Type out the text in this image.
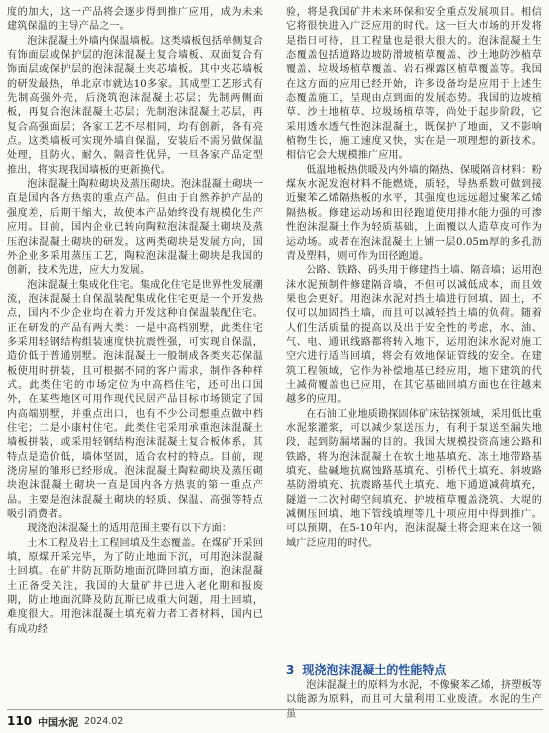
度的加大，这一产品将会逐步得到推广应用，成为未来建筑保温的主导产品之一。

泡沫混凝土外墙内保温墙板。这类墙板包括单侧复合有饰面层或保护层的泡沫混凝土复合墙板、双面复合有饰面层或保护层的泡沫混凝土夹芯墙板。其中夹芯墙板的研发最热，单北京市就达10多家。其成型工艺形式有先制高强外壳，后浇筑泡沫混凝土芯层；先制两侧面板，再复合泡沫混凝土芯层；先制泡沫混凝土芯层，再复合高强面层；各家工艺不尽相同，均有创新，各有亮点。这类墙板可实现外墙自保温，安装后不需另做保温处理，且防火、耐久、隔音性优异，一旦各家产品定型推出，将实现我国墙板的更新换代。

泡沫混凝土陶粒砌块及蒸压砌块。泡沫混凝土砌块一直是国内各方热衷的重点产品。但由于自然养护产品的强度差，后期干缩大，故使本产品始终没有规模化生产应用。目前，国内企业已转向陶粒泡沫混凝土砌块及蒸压泡沫混凝土砌块的研发。这两类砌块是发展方向，国外企业多采用蒸压工艺，陶粒泡沫混凝土砌块是我国的创新，技术先进，应大力发展。

泡沫混凝土集成化住宅。集成化住宅是世界性发展潮流，泡沫混凝土自保温装配集成化住宅更是一个开发热点，国内不少企业均在着力开发这种自保温装配住宅。正在研发的产品有两大类：一是中高档别墅，此类住宅多采用轻钢结构组装速度快抗震性强，可实现自保温，造价低于普通别墅。泡沫混凝土一般制成各类夹芯保温板使用时拼装，且可根据不同的客户需求，制作各种样式。此类住宅的市场定位为中高档住宅，还可出口国外，在某些地区可用作现代民居产品目标市场锁定了国内高端别墅，并重点出口，也有不少公司想重点做中档住宅；二是小康村住宅。此类住宅采用承重泡沫混凝土墙板拼装，或采用轻钢结构泡沫混凝土复合板体系，其特点是造价低，墙体坚固，适合农村的特点。目前，现浇房屋的雏形已经形成。泡沫混凝土陶粒砌块及蒸压砌块泡沫混凝土砌块一直是国内各方热衷的第一重点产品。主要是泡沫混凝土砌块的轻质、保温、高强等特点吸引消费者。

现浇泡沫混凝土的适用范围主要有以下方面：

土木工程及岩土工程回填及生态覆盖。在煤矿开采回填，原煤开采完毕，为了防止地面下沉，可用泡沫混凝土回填。在矿井防瓦斯防地面沉降回填方面，泡沫混凝土正备受关注，我国的大量矿井已进入老化期和报废期，防止地面沉降及防瓦斯已成重大问题，用土回填，难度很大。用泡沫混凝土填充着力者工者材料，国内已有成功经

验，将是我国矿井未来环保和安全重点发展项目。相信它将很快进入广泛应用的时代。这一巨大市场的开发将是指日可待，且工程量也是很大很大的。泡沫混凝土生态覆盖包括道路边坡防滑坡植草覆盖、沙土地防沙植草覆盖、垃圾场植草覆盖、岩石裸露区植草覆盖等。我国在这方面的应用已经开始，许多设备均是应用于上述生态覆盖施工，呈现由点到面的发展态势。我国的边坡植草、沙土地植草、垃圾场植草等，尚处于起步阶段，它采用透水透气性泡沫混凝土，既保护了地面，又不影响植物生长，施工速度又快，实在是一项理想的新技术。相信它会大规模推广应用。

低温地板热供暖及内外墙的隔热、保暖隔音材料：粉煤灰水泥发泡材料不能燃烧，质轻，导热系数可做到接近聚苯乙烯隔热板的水平，其强度也远远超过聚苯乙烯隔热板。修建运动场和田径跑道使用排水能力强的可渗性泡沫混凝土作为轻质基础，上面覆以人造草皮可作为运动场。或者在泡沫混凝土上铺一层0.05m厚的多孔沥青及塑料，则可作为田径跑道。

公路、铁路、码头用于修建挡土墙、隔音墙；运用泡沫水泥预制件修建隔音墙，不但可以减低成本，而且效果也会更好。用泡沫水泥对挡土墙进行回填、固土，不仅可以加固挡土墙，而且可以减轻挡土墙的负荷。随着人们生活质量的提高以及出于安全性的考虑，水、油、气、电、通讯线路都将转入地下，运用泡沫水泥对施工空穴进行适当回填，将会有效地保证管线的安全。在建筑工程领域，它作为补偿地基已经应用，地下建筑的代土减荷覆盖也已应用，在其它基础回填方面也在往越来越多的应用。

在石油工业地质勘探固体矿床钻探领域，采用低比重水泥浆灌浆，可以减少泵送压力，有利于泵送至漏失地段，起到防漏堵漏的目的。我国大规模投资高速公路和铁路，将为泡沫混凝土在软土地基填充、冻土地带路基填充、盐碱地抗腐蚀路基填充、引桥代土填充、斜坡路基防滑填充、抗震路基代土填充、地下通道减荷填充，隧道一二次衬砌空间填充、护坡植草覆盖浇筑、大堤的减侧压回填、地下管线填埋等几十项应用中得到推广。可以预期，在5-10年内，泡沫混凝土将会迎来在这一领域广泛应用的时代。

3 现浇泡沫混凝土的性能特点

泡沫混凝土的原料为水泥，不像聚苯乙烯，挤塑板等以能源为原料，而且可大量利用工业废渣。水泥的生产虽

110 中国水泥 2024.02
